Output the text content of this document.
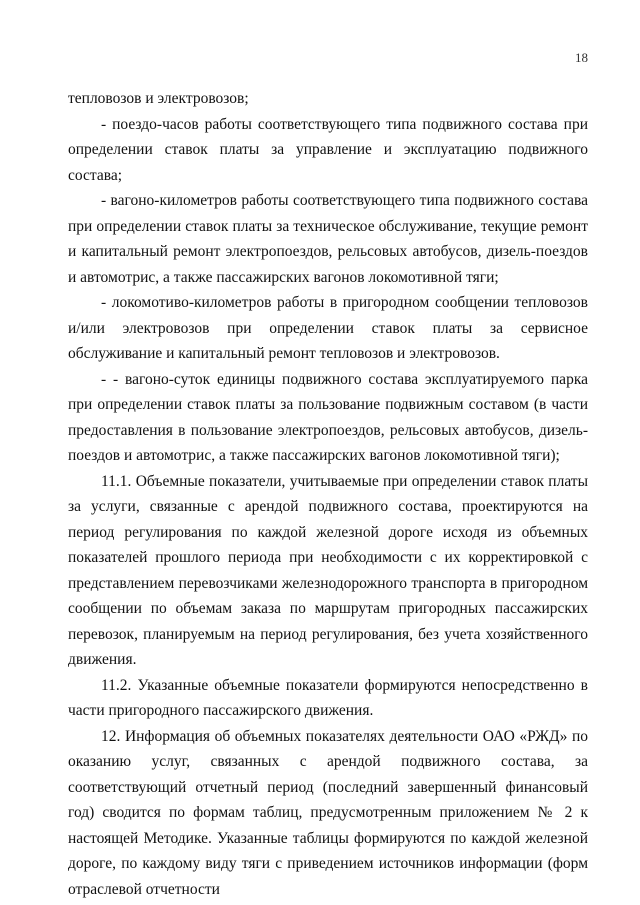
18

тепловозов и электровозов;

- поездо-часов работы соответствующего типа подвижного состава при определении ставок платы за управление и эксплуатацию подвижного состава;

- вагоно-километров работы соответствующего типа подвижного состава при определении ставок платы за техническое обслуживание, текущие ремонт и капитальный ремонт электропоездов, рельсовых автобусов, дизель-поездов и автомотрис, а также пассажирских вагонов локомотивной тяги;

- локомотиво-километров работы в пригородном сообщении тепловозов и/или электровозов при определении ставок платы за сервисное обслуживание и капитальный ремонт тепловозов и электровозов.

- - вагоно-суток единицы подвижного состава эксплуатируемого парка при определении ставок платы за пользование подвижным составом (в части предоставления в пользование электропоездов, рельсовых автобусов, дизель-поездов и автомотрис, а также пассажирских вагонов локомотивной тяги);

11.1. Объемные показатели, учитываемые при определении ставок платы за услуги, связанные с арендой подвижного состава, проектируются на период регулирования по каждой железной дороге исходя из объемных показателей прошлого периода при необходимости с их корректировкой с представлением перевозчиками железнодорожного транспорта в пригородном сообщении по объемам заказа по маршрутам пригородных пассажирских перевозок, планируемым на период регулирования, без учета хозяйственного движения.

11.2. Указанные объемные показатели формируются непосредственно в части пригородного пассажирского движения.

12. Информация об объемных показателях деятельности ОАО «РЖД» по оказанию услуг, связанных с арендой подвижного состава, за соответствующий отчетный период (последний завершенный финансовый год) сводится по формам таблиц, предусмотренным приложением № 2 к настоящей Методике. Указанные таблицы формируются по каждой железной дороге, по каждому виду тяги с приведением источников информации (форм отраслевой отчетности
